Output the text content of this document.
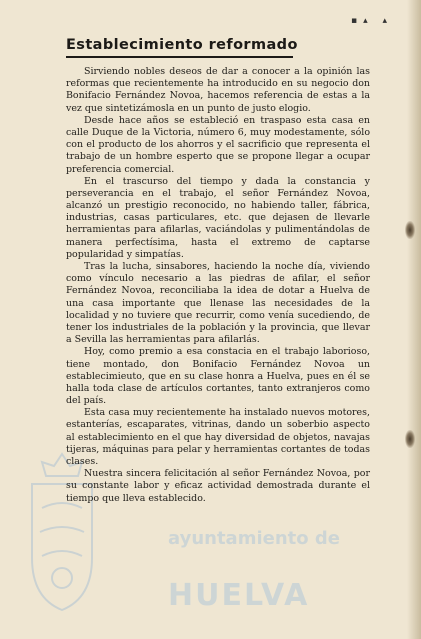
▪▴ ▴
ayuntamiento de
HUELVA
Establecimiento reformado

Sirviendo nobles deseos de dar a conocer a la opinión las reformas que recientemente ha introducido en su negocio don Bonifacio Fernández Novoa, hacemos referencia de estas a la vez que sintetizámosla en un punto de justo elogio.

Desde hace años se estableció en traspaso esta casa en calle Duque de la Victoria, número 6, muy modestamente, sólo con el producto de los ahorros y el sacrificio que representa el trabajo de un hombre esperto que se propone llegar a ocupar preferencia comercial.

En el trascurso del tiempo y dada la constancia y perseverancia en el trabajo, el señor Fernández Novoa, alcanzó un prestigio reconocido, no habiendo taller, fábrica, industrias, casas particulares, etc. que dejasen de llevarle herramientas para afilarlas, vaciándolas y pulimentándolas de manera perfectísima, hasta el extremo de captarse popularidad y simpatías.

Tras la lucha, sinsabores, haciendo la noche día, viviendo como vínculo necesario a las piedras de afilar, el señor Fernández Novoa, reconciliaba la idea de dotar a Huelva de una casa importante que llenase las necesidades de la localidad y no tuviere que recurrir, como venía sucediendo, de tener los industriales de la población y la provincia, que llevar a Sevilla las herramientas para afilarlás.

Hoy, como premio a esa constacia en el trabajo laborioso, tiene montado, don Bonifacio Fernández Novoa un establecimieuto, que en su clase honra a Huelva, pues en él se halla toda clase de artículos cortantes, tanto extranjeros como del país.

Esta casa muy recientemente ha instalado nuevos motores, estanterías, escaparates, vitrinas, dando un soberbio aspecto al establecimiento en el que hay diversidad de objetos, navajas tijeras, máquinas para pelar y herramientas cortantes de todas clases.

Nuestra sincera felicitación al señor Fernández Novoa, por su constante labor y eficaz actividad demostrada durante el tiempo que lleva establecido.
